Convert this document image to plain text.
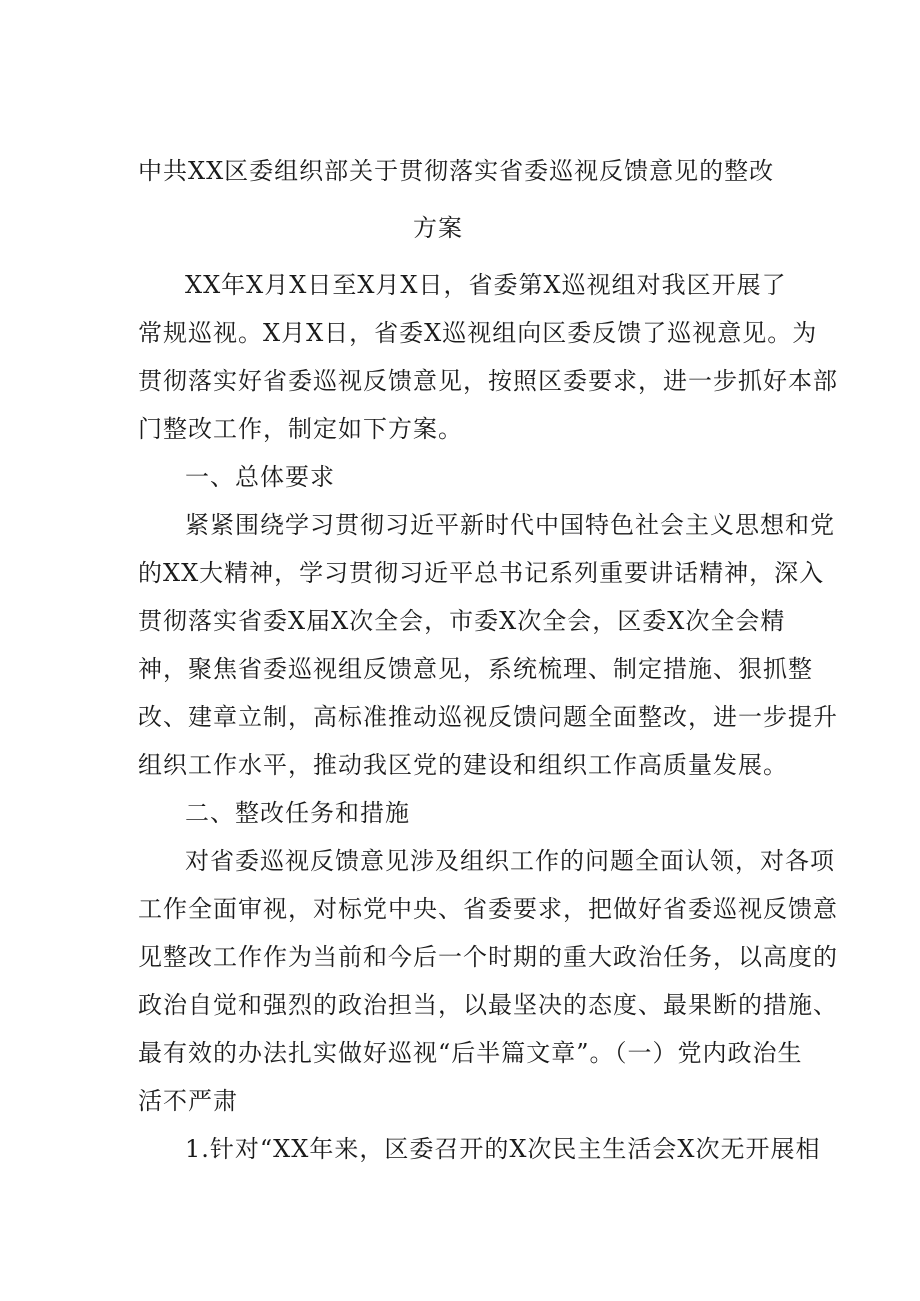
中共XX区委组织部关于贯彻落实省委巡视反馈意见的整改
方案
XX年X月X日至X月X日，省委第X巡视组对我区开展了
常规巡视。X月X日，省委X巡视组向区委反馈了巡视意见。为
贯彻落实好省委巡视反馈意见，按照区委要求，进一步抓好本部
门整改工作，制定如下方案。
一、总体要求
紧紧围绕学习贯彻习近平新时代中国特色社会主义思想和党
的XX大精神，学习贯彻习近平总书记系列重要讲话精神，深入
贯彻落实省委X届X次全会，市委X次全会，区委X次全会精
神，聚焦省委巡视组反馈意见，系统梳理、制定措施、狠抓整
改、建章立制，高标准推动巡视反馈问题全面整改，进一步提升
组织工作水平，推动我区党的建设和组织工作高质量发展。
二、整改任务和措施
对省委巡视反馈意见涉及组织工作的问题全面认领，对各项
工作全面审视，对标党中央、省委要求，把做好省委巡视反馈意
见整改工作作为当前和今后一个时期的重大政治任务，以高度的
政治自觉和强烈的政治担当，以最坚决的态度、最果断的措施、
最有效的办法扎实做好巡视“后半篇文章”。（一）党内政治生
活不严肃
1.针对“XX年来，区委召开的X次民主生活会X次无开展相
